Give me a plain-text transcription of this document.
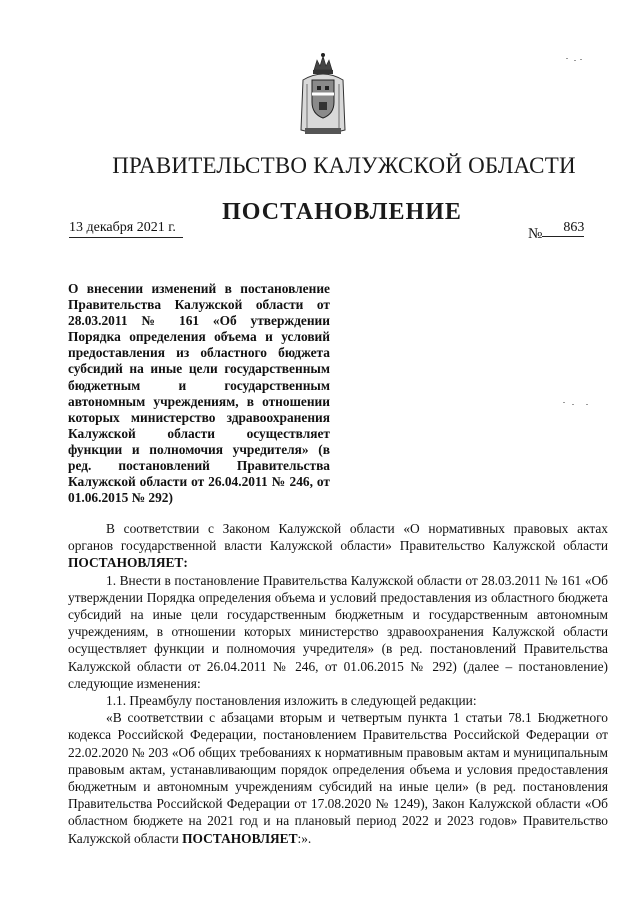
ПРАВИТЕЛЬСТВО КАЛУЖСКОЙ ОБЛАСТИ
ПОСТАНОВЛЕНИЕ
13 декабря 2021 г.	№ 863
О внесении изменений в постановление Правительства Калужской области от 28.03.2011 № 161 «Об утверждении Порядка определения объема и условий предоставления из областного бюджета субсидий на иные цели государственным бюджетным и государственным автономным учреждениям, в отношении которых министерство здравоохранения Калужской области осуществляет функции и полномочия учредителя» (в ред. постановлений Правительства Калужской области от 26.04.2011 № 246, от 01.06.2015 № 292)

В соответствии с Законом Калужской области «О нормативных правовых актах органов государственной власти Калужской области» Правительство Калужской области ПОСТАНОВЛЯЕТ:

1. Внести в постановление Правительства Калужской области от 28.03.2011 № 161 «Об утверждении Порядка определения объема и условий предоставления из областного бюджета субсидий на иные цели государственным бюджетным и государственным автономным учреждениям, в отношении которых министерство здравоохранения Калужской области осуществляет функции и полномочия учредителя» (в ред. постановлений Правительства Калужской области от 26.04.2011 № 246, от 01.06.2015 № 292) (далее – постановление) следующие изменения:

1.1. Преамбулу постановления изложить в следующей редакции:

«В соответствии с абзацами вторым и четвертым пункта 1 статьи 78.1 Бюджетного кодекса Российской Федерации, постановлением Правительства Российской Федерации от 22.02.2020 № 203 «Об общих требованиях к нормативным правовым актам и муниципальным правовым актам, устанавливающим порядок определения объема и условия предоставления бюджетным и автономным учреждениям субсидий на иные цели» (в ред. постановления Правительства Российской Федерации от 17.08.2020 № 1249), Закон Калужской области «Об областном бюджете на 2021 год и на плановый период 2022 и 2023 годов» Правительство Калужской области ПОСТАНОВЛЯЕТ:».
